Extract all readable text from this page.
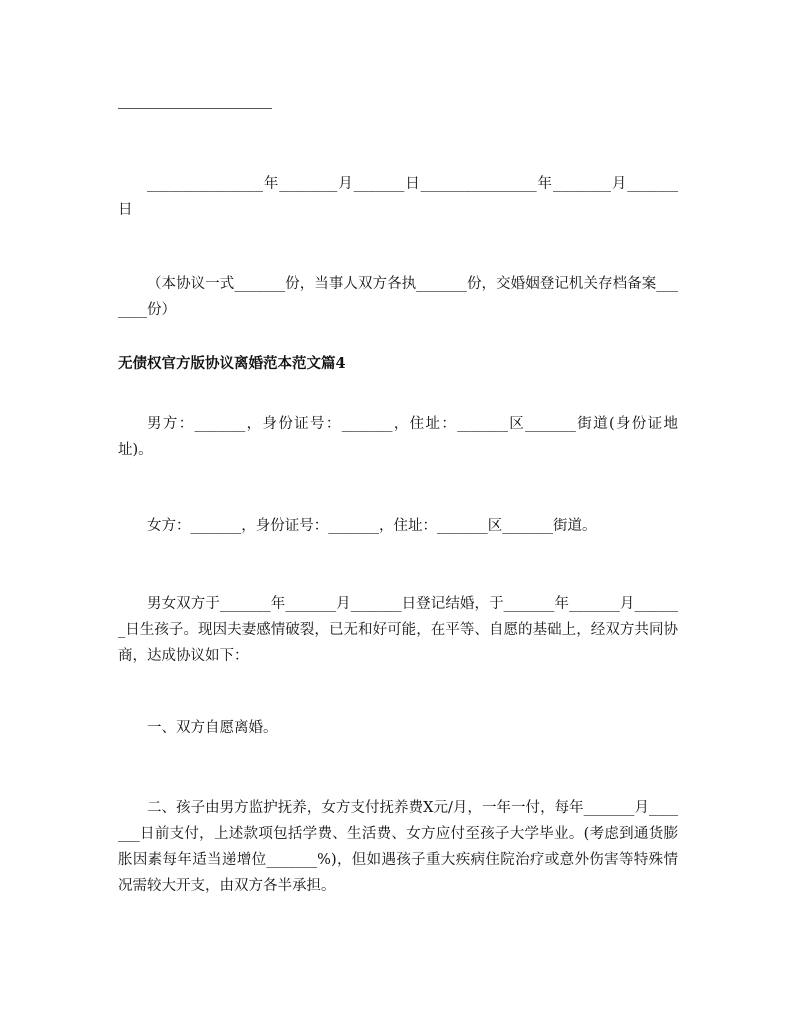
________________年________月_______日________________年________月_______日

（本协议一式_______份，当事人双方各执_______份，交婚姻登记机关存档备案_______份）

无债权官方版协议离婚范本范文篇4

男方：_______，身份证号：_______，住址：_______区_______街道(身份证地址)。

女方：_______，身份证号：_______，住址：_______区_______街道。

男女双方于_______年_______月_______日登记结婚，于_______年_______月_______日生孩子。现因夫妻感情破裂，已无和好可能，在平等、自愿的基础上，经双方共同协商，达成协议如下：

一、双方自愿离婚。

二、孩子由男方监护抚养，女方支付抚养费X元/月，一年一付，每年_______月_______日前支付，上述款项包括学费、生活费、女方应付至孩子大学毕业。(考虑到通货膨胀因素每年适当递增位_______%)，但如遇孩子重大疾病住院治疗或意外伤害等特殊情况需较大开支，由双方各半承担。
